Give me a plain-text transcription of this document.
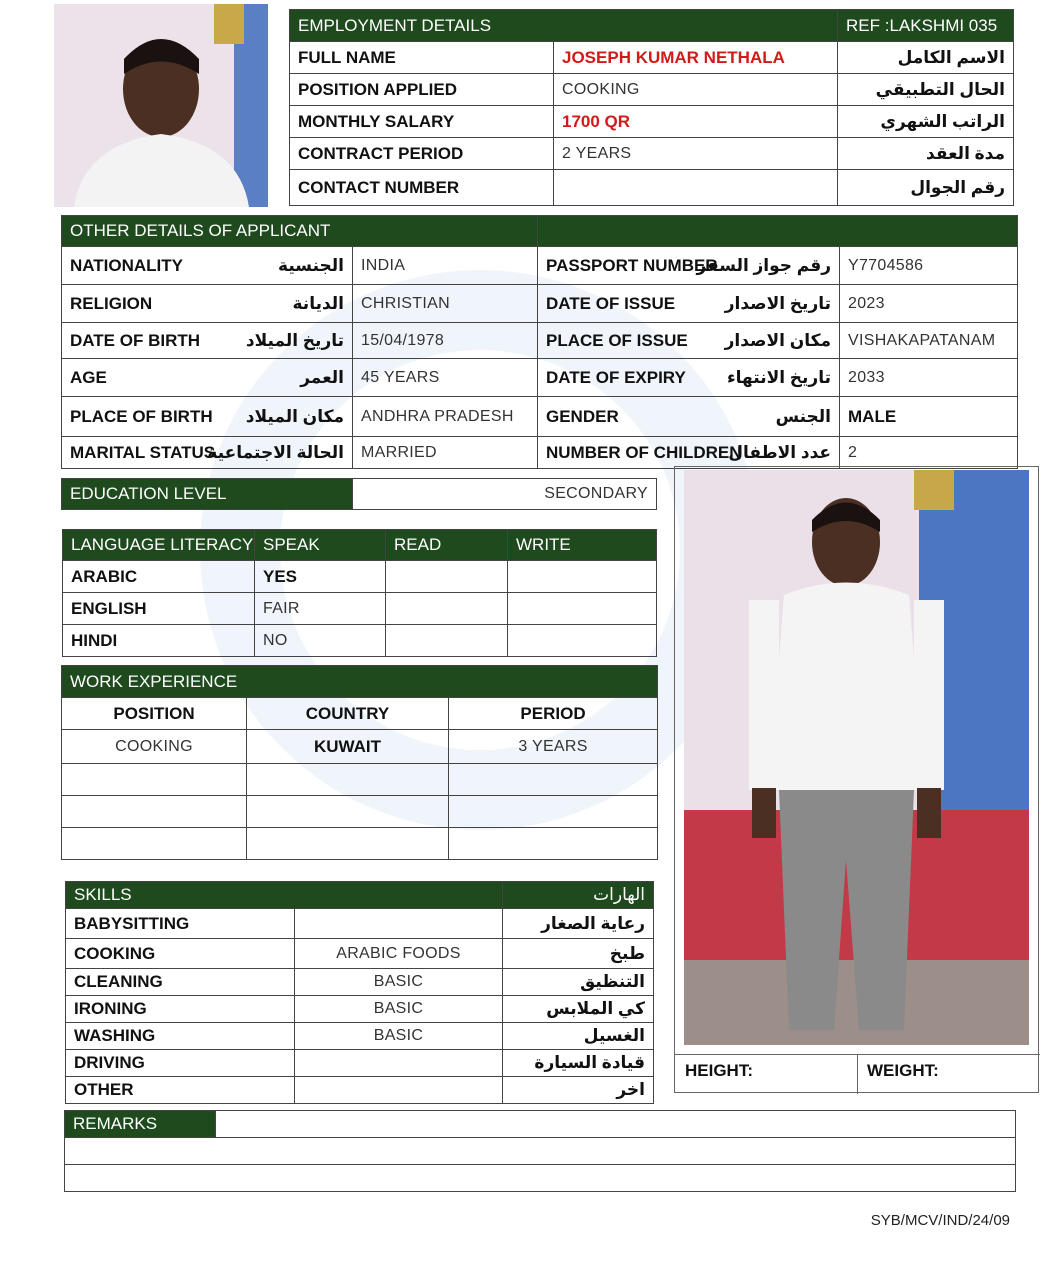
EMPLOYMENT DETAILS		REF :LAKSHMI 035
FULL NAME	JOSEPH KUMAR NETHALA	الاسم الكامل
POSITION APPLIED	COOKING	الحال التطبيقي
MONTHLY SALARY	1700 QR	الراتب الشهري
CONTRACT PERIOD	2 YEARS	مدة العقد
CONTACT NUMBER		رقم الجوال
OTHER DETAILS OF APPLICANT					
NATIONALITY	الجنسية	INDIA	PASSPORT NUMBER	رقم جواز السفر	Y7704586
RELIGION	الديانة	CHRISTIAN	DATE OF ISSUE	تاريخ الاصدار	2023
DATE OF BIRTH	تاريخ الميلاد	15/04/1978	PLACE OF ISSUE	مكان الاصدار	VISHAKAPATANAM
AGE	العمر	45 YEARS	DATE OF EXPIRY	تاريخ الانتهاء	2033
PLACE OF BIRTH	مكان الميلاد	ANDHRA PRADESH	GENDER	الجنس	MALE
MARITAL STATUS	الحالة الاجتماعية	MARRIED	NUMBER OF CHILDREN	عدد الاطفال	2
EDUCATION LEVEL	SECONDARY
LANGUAGE LITERACY	SPEAK	READ	WRITE
ARABIC	YES		
ENGLISH	FAIR		
HINDI	NO		
WORK EXPERIENCE		
POSITION	COUNTRY	PERIOD
COOKING	KUWAIT	3 YEARS

SKILLS		الهارات
BABYSITTING		رعاية الصغار
COOKING	ARABIC FOODS	طبخ
CLEANING	BASIC	التنظيق
IRONING	BASIC	كي الملابس
WASHING	BASIC	الغسيل
DRIVING		قيادة السيارة
OTHER		اخر
HEIGHT:	WEIGHT:
REMARKS	

SYB/MCV/IND/24/09
